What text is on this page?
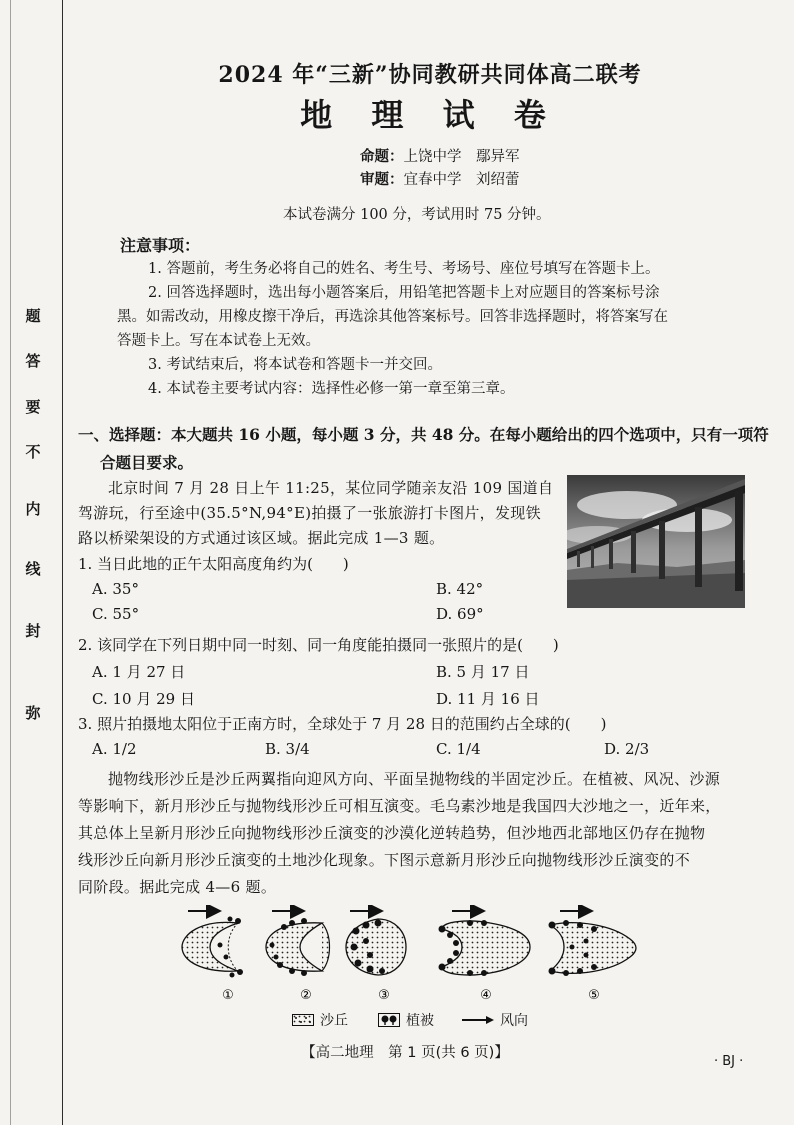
弥
封
线
内
不
要
答
题
2024 年“三新”协同教研共同体高二联考
地 理 试 卷
命题：上饶中学　鄢异军
审题：宜春中学　刘绍蕾
本试卷满分 100 分，考试用时 75 分钟。
注意事项：
1. 答题前，考生务必将自己的姓名、考生号、考场号、座位号填写在答题卡上。
2. 回答选择题时，选出每小题答案后，用铅笔把答题卡上对应题目的答案标号涂
黑。如需改动，用橡皮擦干净后，再选涂其他答案标号。回答非选择题时，将答案写在
答题卡上。写在本试卷上无效。
3. 考试结束后，将本试卷和答题卡一并交回。
4. 本试卷主要考试内容：选择性必修一第一章至第三章。
一、选择题：本大题共 16 小题，每小题 3 分，共 48 分。在每小题给出的四个选项中，只有一项符
合题目要求。
北京时间 7 月 28 日上午 11:25，某位同学随亲友沿 109 国道自
驾游玩，行至途中(35.5°N,94°E)拍摄了一张旅游打卡图片，发现铁
路以桥梁架设的方式通过该区域。据此完成 1—3 题。
1. 当日此地的正午太阳高度角约为(　　)
A. 35°	B. 42°
C. 55°	D. 69°
2. 该同学在下列日期中同一时刻、同一角度能拍摄同一张照片的是(　　)
A. 1 月 27 日	B. 5 月 17 日
C. 10 月 29 日	D. 11 月 16 日
3. 照片拍摄地太阳位于正南方时，全球处于 7 月 28 日的范围约占全球的(　　)
A. 1/2	B. 3/4	C. 1/4	D. 2/3
抛物线形沙丘是沙丘两翼指向迎风方向、平面呈抛物线的半固定沙丘。在植被、风况、沙源
等影响下，新月形沙丘与抛物线形沙丘可相互演变。毛乌素沙地是我国四大沙地之一，近年来，
其总体上呈新月形沙丘向抛物线形沙丘演变的沙漠化逆转趋势，但沙地西北部地区仍存在抛物
线形沙丘向新月形沙丘演变的土地沙化现象。下图示意新月形沙丘向抛物线形沙丘演变的不
同阶段。据此完成 4—6 题。
①	②	③	④	⑤
沙丘	植被	风向
【高二地理　第 1 页(共 6 页)】
· BJ ·
